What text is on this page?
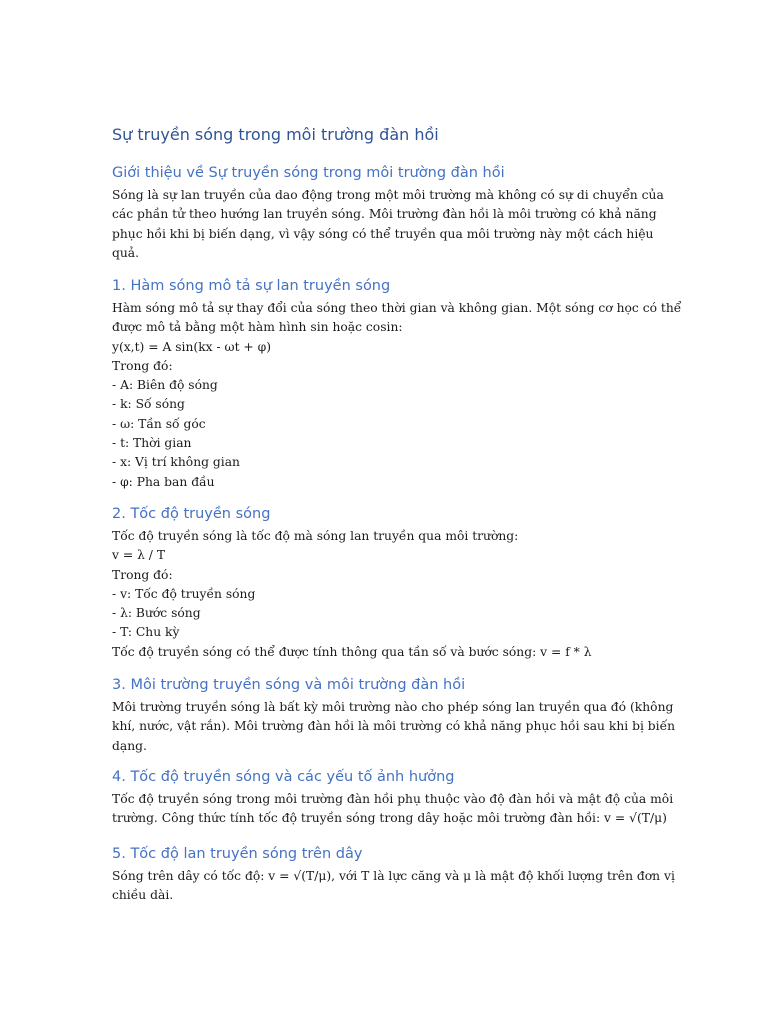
Sự truyền sóng trong môi trường đàn hồi
Giới thiệu về Sự truyền sóng trong môi trường đàn hồi
Sóng là sự lan truyền của dao động trong một môi trường mà không có sự di chuyển của
các phần tử theo hướng lan truyền sóng. Môi trường đàn hồi là môi trường có khả năng
phục hồi khi bị biến dạng, vì vậy sóng có thể truyền qua môi trường này một cách hiệu
quả.
1. Hàm sóng mô tả sự lan truyền sóng
Hàm sóng mô tả sự thay đổi của sóng theo thời gian và không gian. Một sóng cơ học có thể
được mô tả bằng một hàm hình sin hoặc cosin:
y(x,t) = A sin(kx - ωt + φ)
Trong đó:
- A: Biên độ sóng
- k: Số sóng
- ω: Tần số góc
- t: Thời gian
- x: Vị trí không gian
- φ: Pha ban đầu
2. Tốc độ truyền sóng
Tốc độ truyền sóng là tốc độ mà sóng lan truyền qua môi trường:
v = λ / T
Trong đó:
- v: Tốc độ truyền sóng
- λ: Bước sóng
- T: Chu kỳ
Tốc độ truyền sóng có thể được tính thông qua tần số và bước sóng: v = f * λ
3. Môi trường truyền sóng và môi trường đàn hồi
Môi trường truyền sóng là bất kỳ môi trường nào cho phép sóng lan truyền qua đó (không
khí, nước, vật rắn). Môi trường đàn hồi là môi trường có khả năng phục hồi sau khi bị biến
dạng.
4. Tốc độ truyền sóng và các yếu tố ảnh hưởng
Tốc độ truyền sóng trong môi trường đàn hồi phụ thuộc vào độ đàn hồi và mật độ của môi
trường. Công thức tính tốc độ truyền sóng trong dây hoặc môi trường đàn hồi: v = √(T/μ)
5. Tốc độ lan truyền sóng trên dây
Sóng trên dây có tốc độ: v = √(T/μ), với T là lực căng và μ là mật độ khối lượng trên đơn vị
chiều dài.
